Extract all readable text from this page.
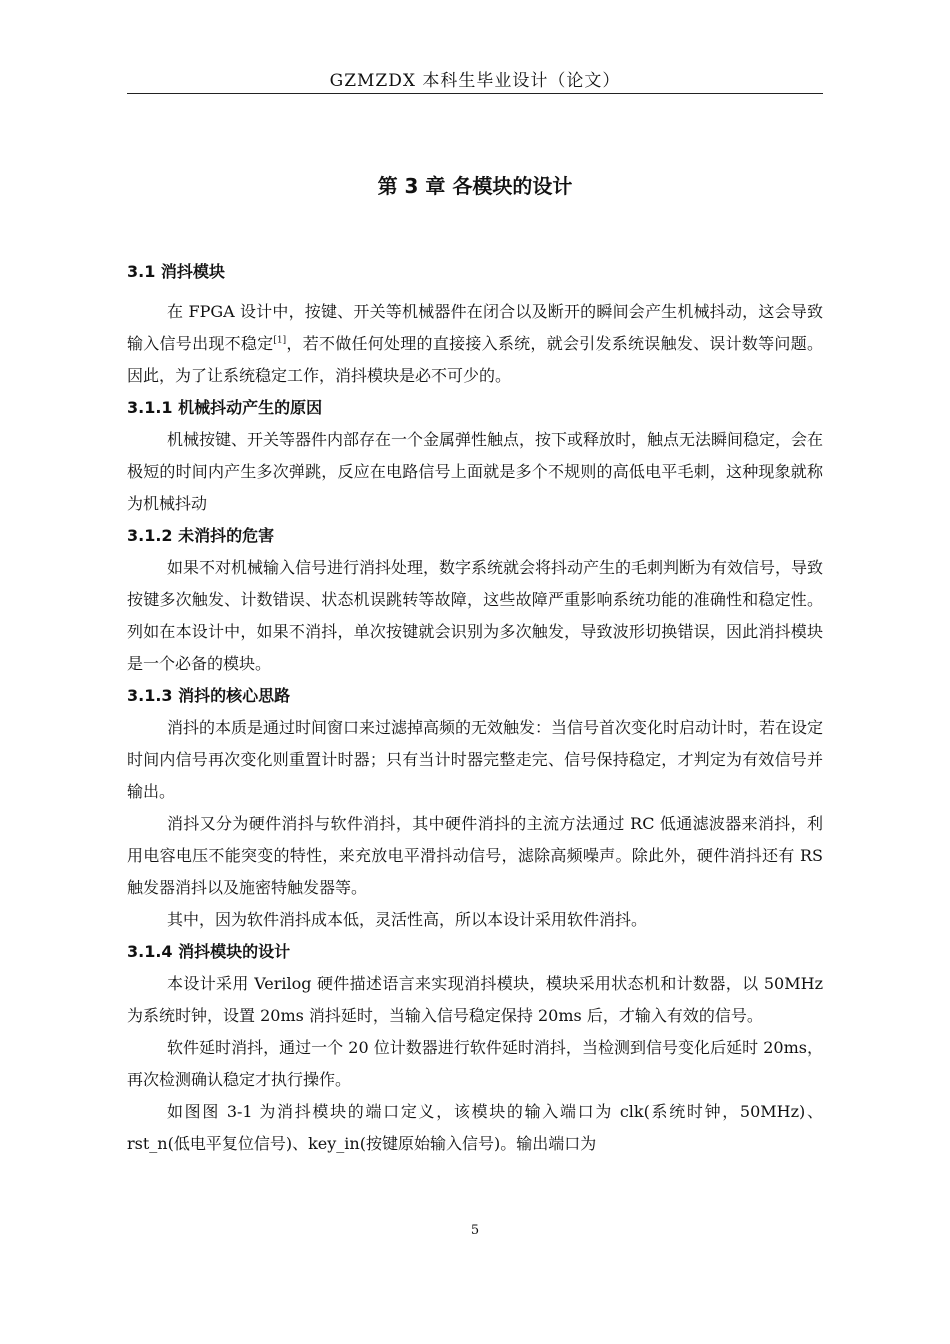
GZMZDX 本科生毕业设计（论文）
第 3 章 各模块的设计
3.1 消抖模块

在 FPGA 设计中，按键、开关等机械器件在闭合以及断开的瞬间会产生机械抖动，这会导致输入信号出现不稳定[1]，若不做任何处理的直接接入系统，就会引发系统误触发、误计数等问题。因此，为了让系统稳定工作，消抖模块是必不可少的。

3.1.1 机械抖动产生的原因

机械按键、开关等器件内部存在一个金属弹性触点，按下或释放时，触点无法瞬间稳定，会在极短的时间内产生多次弹跳，反应在电路信号上面就是多个不规则的高低电平毛刺，这种现象就称为机械抖动

3.1.2 未消抖的危害

如果不对机械输入信号进行消抖处理，数字系统就会将抖动产生的毛刺判断为有效信号，导致按键多次触发、计数错误、状态机误跳转等故障，这些故障严重影响系统功能的准确性和稳定性。列如在本设计中，如果不消抖，单次按键就会识别为多次触发，导致波形切换错误，因此消抖模块是一个必备的模块。

3.1.3 消抖的核心思路

消抖的本质是通过时间窗口来过滤掉高频的无效触发：当信号首次变化时启动计时，若在设定时间内信号再次变化则重置计时器；只有当计时器完整走完、信号保持稳定，才判定为有效信号并输出。

消抖又分为硬件消抖与软件消抖，其中硬件消抖的主流方法通过 RC 低通滤波器来消抖，利用电容电压不能突变的特性，来充放电平滑抖动信号，滤除高频噪声。除此外，硬件消抖还有 RS 触发器消抖以及施密特触发器等。

其中，因为软件消抖成本低，灵活性高，所以本设计采用软件消抖。

3.1.4 消抖模块的设计

本设计采用 Verilog 硬件描述语言来实现消抖模块，模块采用状态机和计数器，以 50MHz 为系统时钟，设置 20ms 消抖延时，当输入信号稳定保持 20ms 后，才输入有效的信号。

软件延时消抖，通过一个 20 位计数器进行软件延时消抖，当检测到信号变化后延时 20ms，再次检测确认稳定才执行操作。

如图图 3-1 为消抖模块的端口定义，该模块的输入端口为 clk(系统时钟，50MHz)、rst_n(低电平复位信号)、key_in(按键原始输入信号)。输出端口为

5
